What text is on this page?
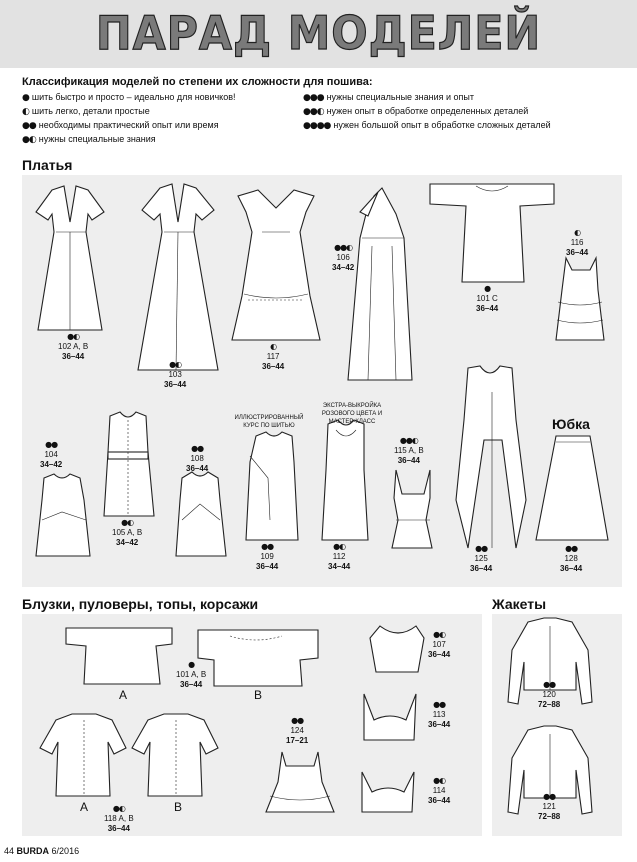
ПАРАД МОДЕЛЕЙ
Классификация моделей по степени их сложности для пошива:
● шить быстро и просто – идеально для новичков!
◐ шить легко, детали простые
●● необходимы практический опыт или время
●◐ нужны специальные знания
●●● нужны специальные знания и опыт
●●◐ нужен опыт в обработке определенных деталей
●●●● нужен большой опыт в обработке сложных деталей
Платья
Блузки, пуловеры, топы, корсажи	Жакеты
Юбка
●◐
102 A, B
36–44
●◐
103
36–44
◐
117
36–44
●●◐
106
34–42
●
101 C
36–44
◐
116
36–44
●●
104
34–42
●◐
105 A, B
34–42
●●
108
36–44
●●
109
36–44
●◐
112
34–44
●●◐
115 A, B
36–44
●●
125
36–44
●●
128
36–44
ИЛЛЮСТРИРОВАННЫЙ КУРС ПО ШИТЬЮ
ЭКСТРА-ВЫКРОЙКА РОЗОВОГО ЦВЕТА И МАСТЕР-КЛАСС
●
101 A, B
36–44
A	B
●◐
107
36–44
●●
124
17–21
●●
113
36–44
●◐
114
36–44
A	B
●◐
118 A, B
36–44
●●
120
72–88
●●
121
72–88
44 BURDA 6/2016
